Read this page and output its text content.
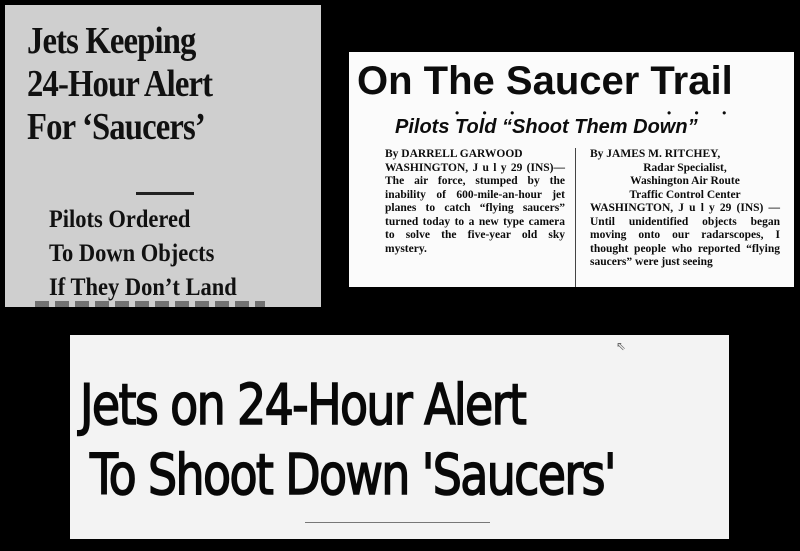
Jets Keeping
24-Hour Alert
For ‘Saucers’
Pilots Ordered
To Down Objects
If They Don’t Land
On The Saucer Trail
• • •	• • •
Pilots Told “Shoot Them Down”
By DARRELL GARWOOD
WASHINGTON, J u l y 29 (INS)—The air force, stumped by the inability of 600-mile-an-hour jet planes to catch “flying saucers” turned today to a new type camera to solve the five-year old sky mystery.
By JAMES M. RITCHEY,
Radar Specialist,
Washington Air Route
Traffic Control Center
WASHINGTON, J u l y 29 (INS) — Until unidentified objects began moving onto our radarscopes, I thought people who reported “flying saucers” were just seeing
⇖
Jets on 24-Hour Alert
To Shoot Down 'Saucers'
